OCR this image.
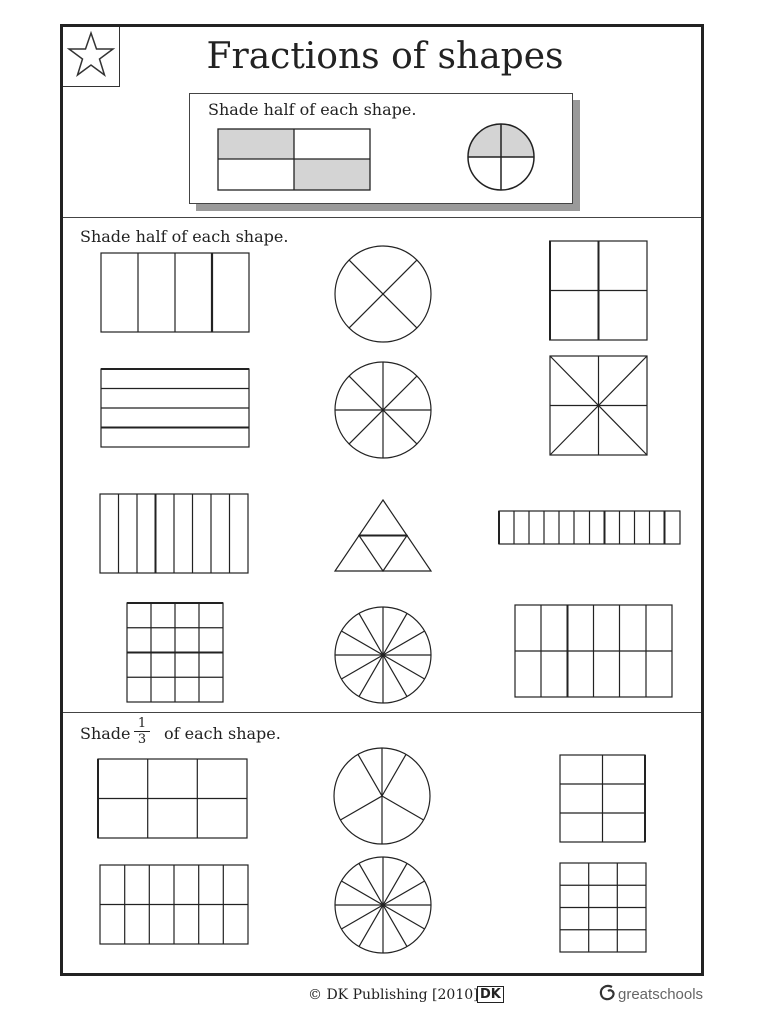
Fractions of shapes
Shade half of each shape.
Shade half of each shape.
Shade $\frac{1}{3}$ of each shape.
© DK Publishing [2010] DK	greatschools
